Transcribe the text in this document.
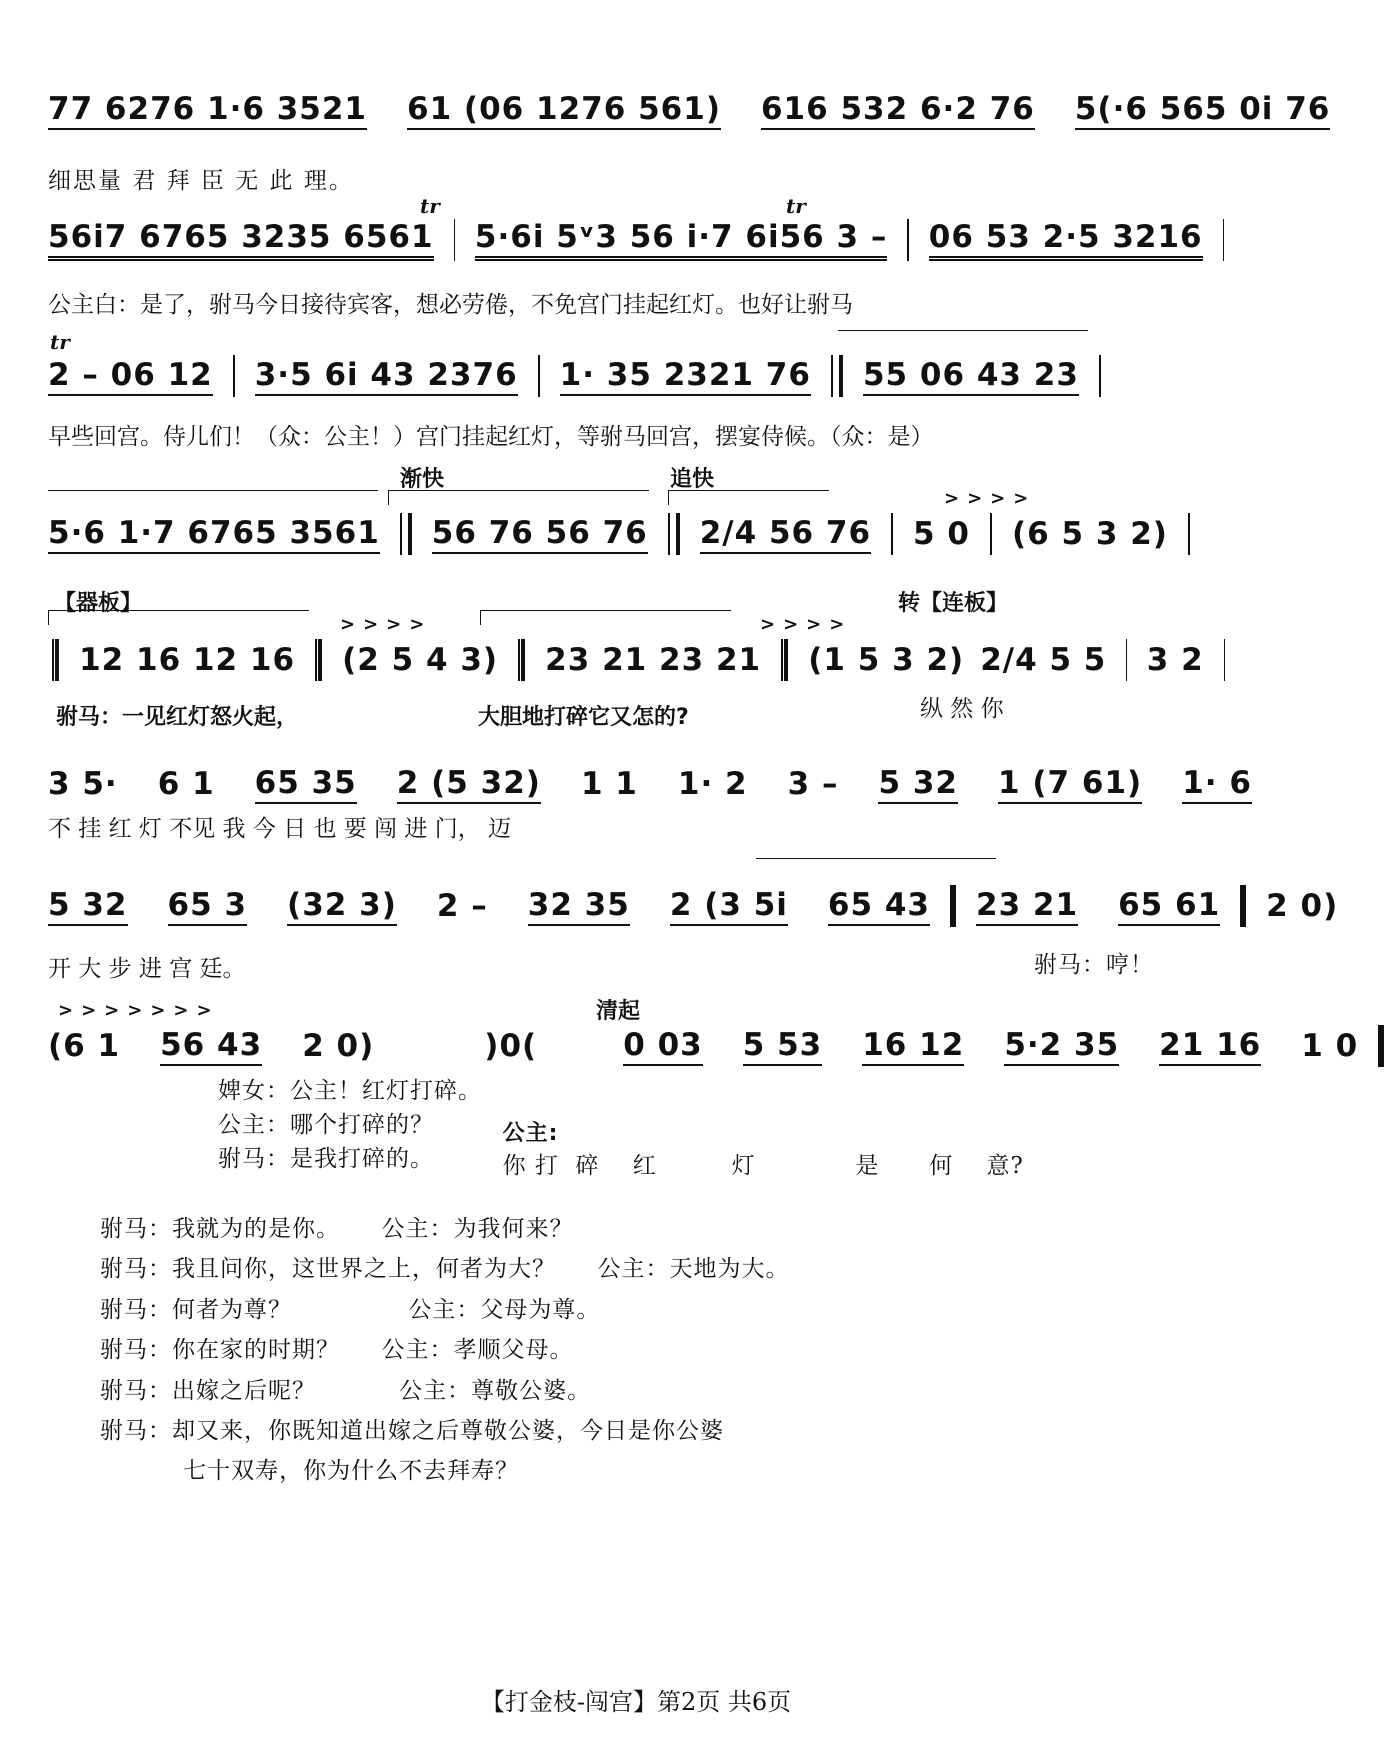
77 6276 1·6 3521 61 (06 1276 561) 616 532 6·2 76 5(·6 565 0i 76
细思量 君 拜 臣 无 此 理。
tr	tr
56i7 6765 3235 6561 5·6i 5ᵛ3 56 i·7 6i56 3 – 06 53 2·5 3216
公主白：是了，驸马今日接待宾客，想必劳倦，不免宫门挂起红灯。也好让驸马
tr
2 – 06 12 3·5 6i 43 2376 1· 35 2321 76 55 06 43 23
早些回宫。侍儿们！（众：公主！）宫门挂起红灯，等驸马回宫，摆宴侍候。（众：是）
渐快	追快
>>>>
5·6 1·7 6765 3561 56 76 56 76 2/4 56 76 5 0 (6 5 3 2)
【器板】	转【连板】
>>>>	>>>>
12 16 12 16 (2 5 4 3) 23 21 23 21 (1 5 3 2) 2/4 5 5 3 2
驸马：一见红灯怒火起，	大胆地打碎它又怎的?	纵 然 你
3 5· 6 1 65 35 2 (5 32) 1 1 1· 2 3 – 5 32 1 (7 61) 1· 6
不 挂 红 灯 不见 我 今 日 也 要 闯 进 门， 迈
5 32 65 3 (32 3) 2 – 32 35 2 (3 5i 65 43 23 21 65 61 2 0)
开 大 步 进 宫 廷。	驸马：哼！
清起
>>>>>>>
(6 1 56 43 2 0)	)0(	0 03 5 53 16 12 5·2 35 21 16 1 0
婢女：公主！红灯打碎。
公主：哪个打碎的？
驸马：是我打碎的。

公主:
你 打  碎    红         灯            是      何    意?

驸马：我就为的是你。     公主：为我何来？
驸马：我且问你，这世界之上，何者为大？     公主：天地为大。
驸马：何者为尊？              公主：父母为尊。
驸马：你在家的时期？     公主：孝顺父母。
驸马：出嫁之后呢？          公主：尊敬公婆。
驸马：却又来，你既知道出嫁之后尊敬公婆，今日是你公婆
七十双寿，你为什么不去拜寿？
【打金枝-闯宫】第2页 共6页
